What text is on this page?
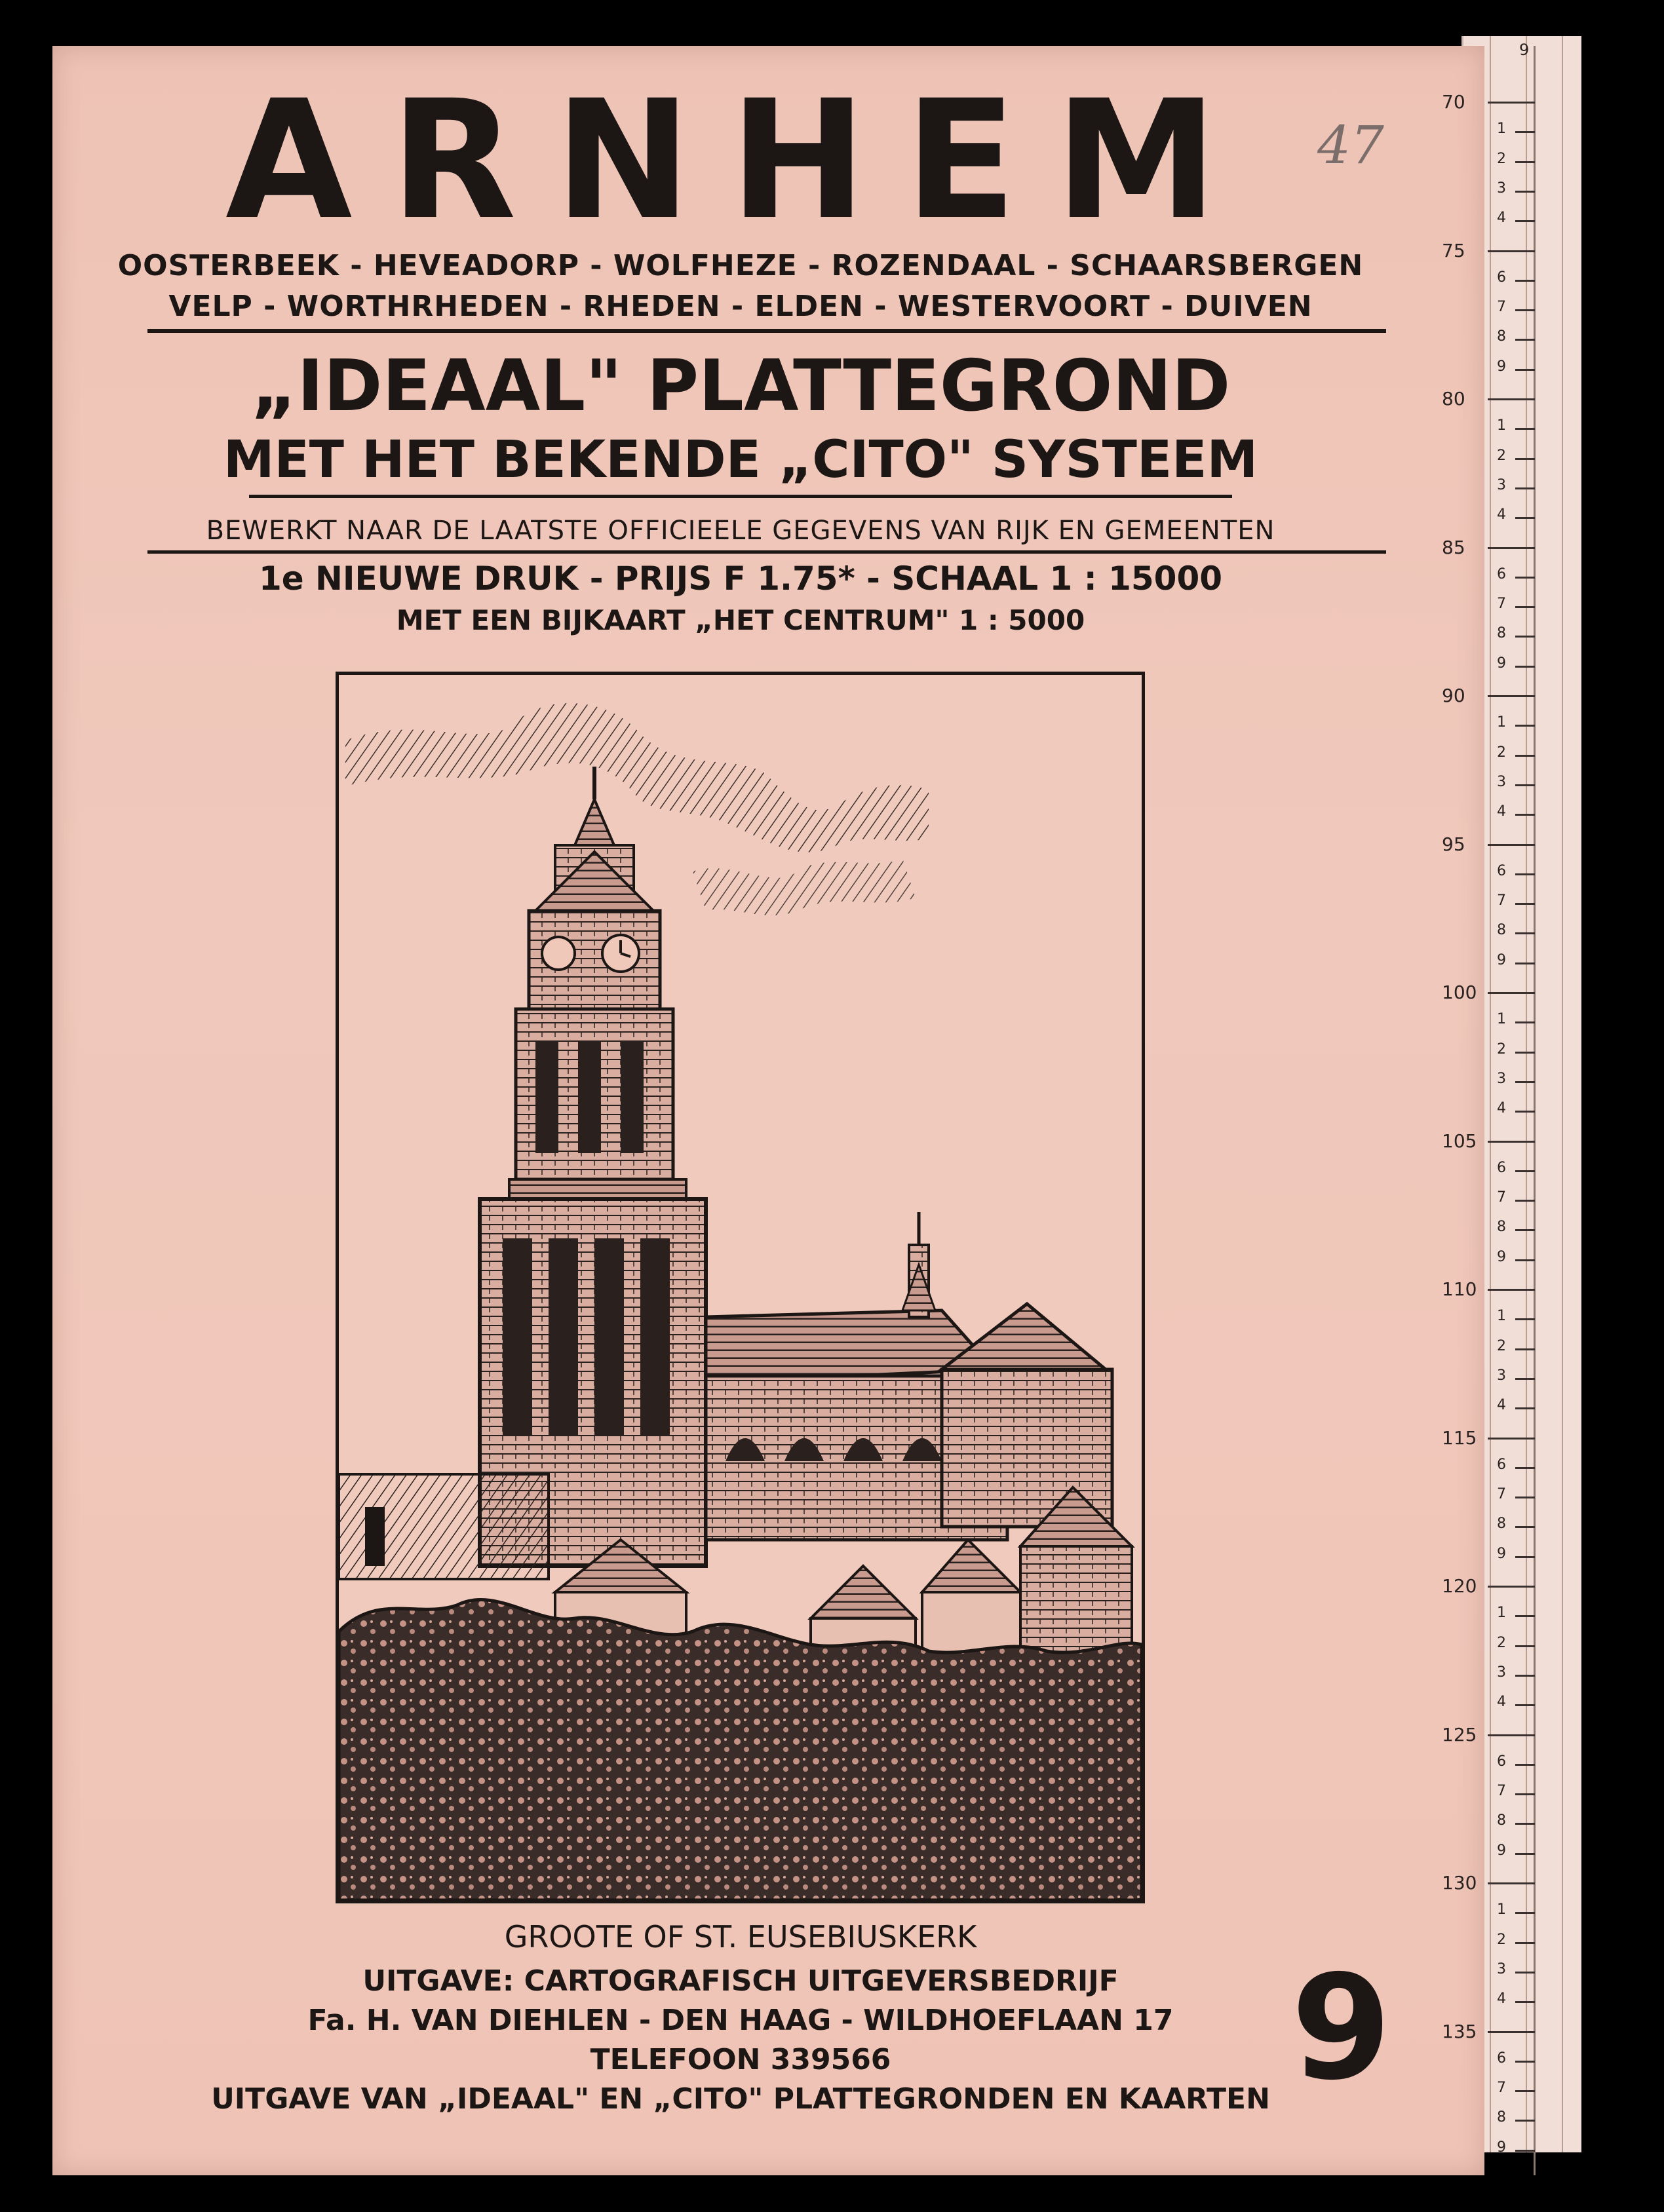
ARNHEM	47
OOSTERBEEK - HEVEADORP - WOLFHEZE - ROZENDAAL - SCHAARSBERGEN
VELP - WORTHRHEDEN - RHEDEN - ELDEN - WESTERVOORT - DUIVEN
„IDEAAL" PLATTEGROND
MET HET BEKENDE „CITO" SYSTEEM
BEWERKT NAAR DE LAATSTE OFFICIEELE GEGEVENS VAN RIJK EN GEMEENTEN
1e NIEUWE DRUK - PRIJS F 1.75* - SCHAAL 1 : 15000
MET EEN BIJKAART „HET CENTRUM" 1 : 5000
GROOTE OF ST. EUSEBIUSKERK
UITGAVE: CARTOGRAFISCH UITGEVERSBEDRIJF
Fa. H. VAN DIEHLEN - DEN HAAG - WILDHOEFLAAN 17
TELEFOON 339566
UITGAVE VAN „IDEAAL" EN „CITO" PLATTEGRONDEN EN KAARTEN 9
9
70
1
2
3
4
75
6
7
8
9
80
1
2
3
4
85
6
7
8
9
90
1
2
3
4
95
6
7
8
9
100
1
2
3
4
105
6
7
8
9
110
1
2
3
4
115
6
7
8
9
120
1
2
3
4
125
6
7
8
9
130
1
2
3
4
135
6
7
8
9
